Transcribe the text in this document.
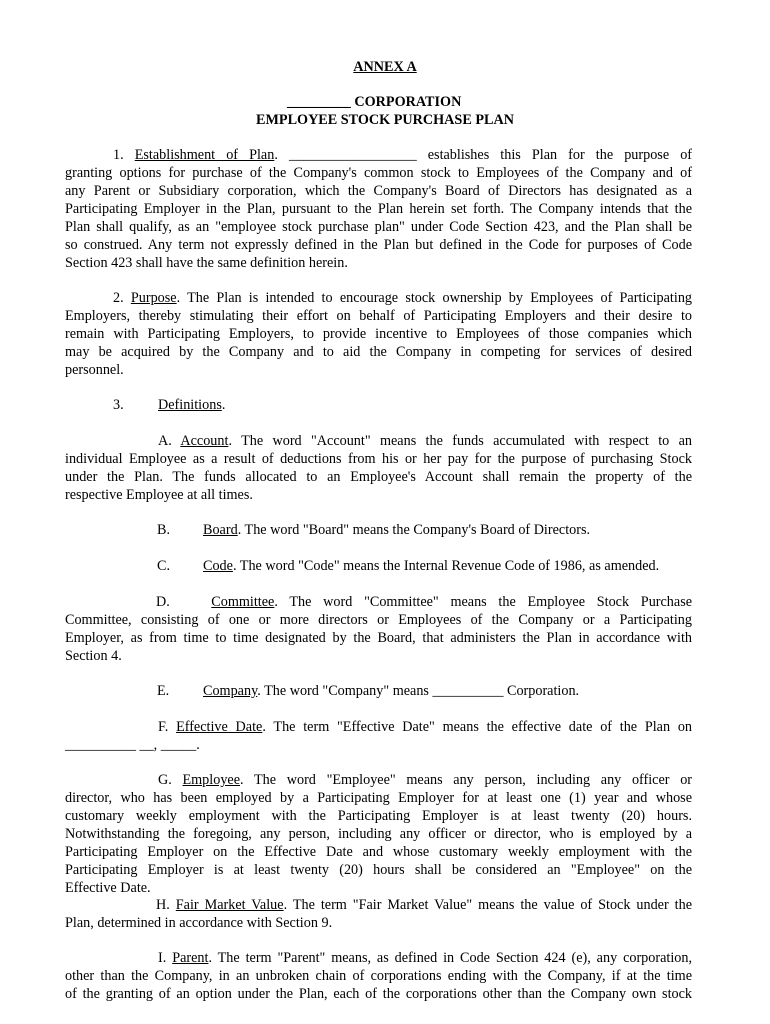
ANNEX A
_________ CORPORATION
EMPLOYEE STOCK PURCHASE PLAN
1. Establishment of Plan. __________________ establishes this Plan for the purpose of
granting options for purchase of the Company's common stock to Employees of the Company and of
any Parent or Subsidiary corporation, which the Company's Board of Directors has designated as a
Participating Employer in the Plan, pursuant to the Plan herein set forth. The Company intends that the
Plan shall qualify, as an "employee stock purchase plan" under Code Section 423, and the Plan shall be
so construed. Any term not expressly defined in the Plan but defined in the Code for purposes of Code
Section 423 shall have the same definition herein.
2. Purpose. The Plan is intended to encourage stock ownership by Employees of Participating
Employers, thereby stimulating their effort on behalf of Participating Employers and their desire to
remain with Participating Employers, to provide incentive to Employees of those companies which
may be acquired by the Company and to aid the Company in competing for services of desired
personnel.
3. Definitions.
A. Account. The word "Account" means the funds accumulated with respect to an
individual Employee as a result of deductions from his or her pay for the purpose of purchasing Stock
under the Plan. The funds allocated to an Employee's Account shall remain the property of the
respective Employee at all times.
B. Board. The word "Board" means the Company's Board of Directors.
C. Code. The word "Code" means the Internal Revenue Code of 1986, as amended.
D.	Committee. The word "Committee" means the Employee Stock Purchase
Committee, consisting of one or more directors or Employees of the Company or a Participating
Employer, as from time to time designated by the Board, that administers the Plan in accordance with
Section 4.
E. Company. The word "Company" means __________ Corporation.
F. Effective Date. The term "Effective Date" means the effective date of the Plan on
__________ __, _____.
G. Employee. The word "Employee" means any person, including any officer or
director, who has been employed by a Participating Employer for at least one (1) year and whose
customary weekly employment with the Participating Employer is at least twenty (20) hours.
Notwithstanding the foregoing, any person, including any officer or director, who is employed by a
Participating Employer on the Effective Date and whose customary weekly employment with the
Participating Employer is at least twenty (20) hours shall be considered an "Employee" on the
Effective Date.
H. Fair Market Value. The term "Fair Market Value" means the value of Stock under the
Plan, determined in accordance with Section 9.
I. Parent. The term "Parent" means, as defined in Code Section 424 (e), any corporation,
other than the Company, in an unbroken chain of corporations ending with the Company, if at the time
of the granting of an option under the Plan, each of the corporations other than the Company own stock
